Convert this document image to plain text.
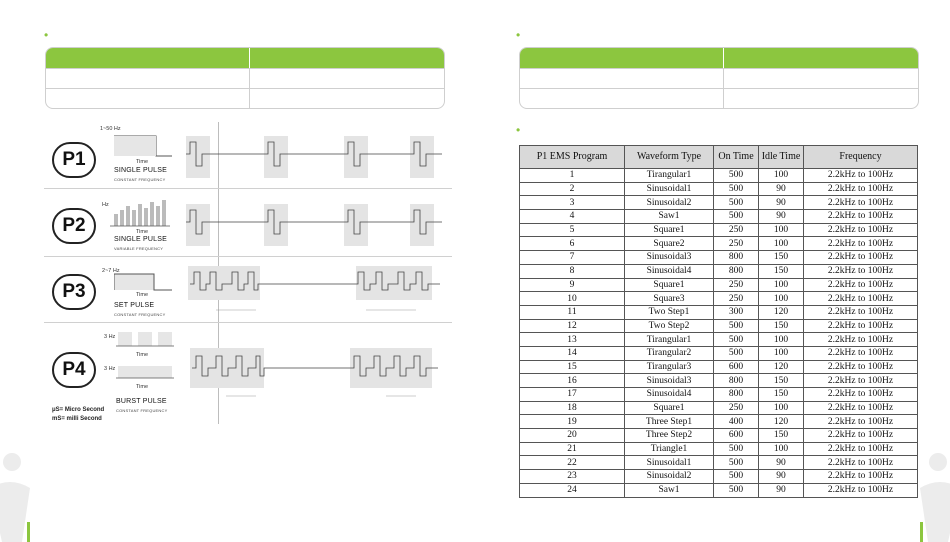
•	•
•
P1
1~50 Hz
Time
SINGLE PULSE
CONSTANT FREQUENCY
P2
Hz
Time
SINGLE PULSE
VARIABLE FREQUENCY
P3
2~7 Hz
Time
SET PULSE
CONSTANT FREQUENCY
P4
3 Hz
Time
3 Hz
Time
BURST PULSE
CONSTANT FREQUENCY
μS= Micro Second
mS= milli Second
P1 EMS Program	Waveform Type	On Time	Idle Time	Frequency
1	Tirangular1	500	100	2.2kHz to 100Hz
2	Sinusoidal1	500	90	2.2kHz to 100Hz
3	Sinusoidal2	500	90	2.2kHz to 100Hz
4	Saw1	500	90	2.2kHz to 100Hz
5	Square1	250	100	2.2kHz to 100Hz
6	Square2	250	100	2.2kHz to 100Hz
7	Sinusoidal3	800	150	2.2kHz to 100Hz
8	Sinusoidal4	800	150	2.2kHz to 100Hz
9	Square1	250	100	2.2kHz to 100Hz
10	Square3	250	100	2.2kHz to 100Hz
11	Two Step1	300	120	2.2kHz to 100Hz
12	Two Step2	500	150	2.2kHz to 100Hz
13	Tirangular1	500	100	2.2kHz to 100Hz
14	Tirangular2	500	100	2.2kHz to 100Hz
15	Tirangular3	600	120	2.2kHz to 100Hz
16	Sinusoidal3	800	150	2.2kHz to 100Hz
17	Sinusoidal4	800	150	2.2kHz to 100Hz
18	Square1	250	100	2.2kHz to 100Hz
19	Three Step1	400	120	2.2kHz to 100Hz
20	Three Step2	600	150	2.2kHz to 100Hz
21	Triangle1	500	100	2.2kHz to 100Hz
22	Sinusoidal1	500	90	2.2kHz to 100Hz
23	Sinusoidal2	500	90	2.2kHz to 100Hz
24	Saw1	500	90	2.2kHz to 100Hz
